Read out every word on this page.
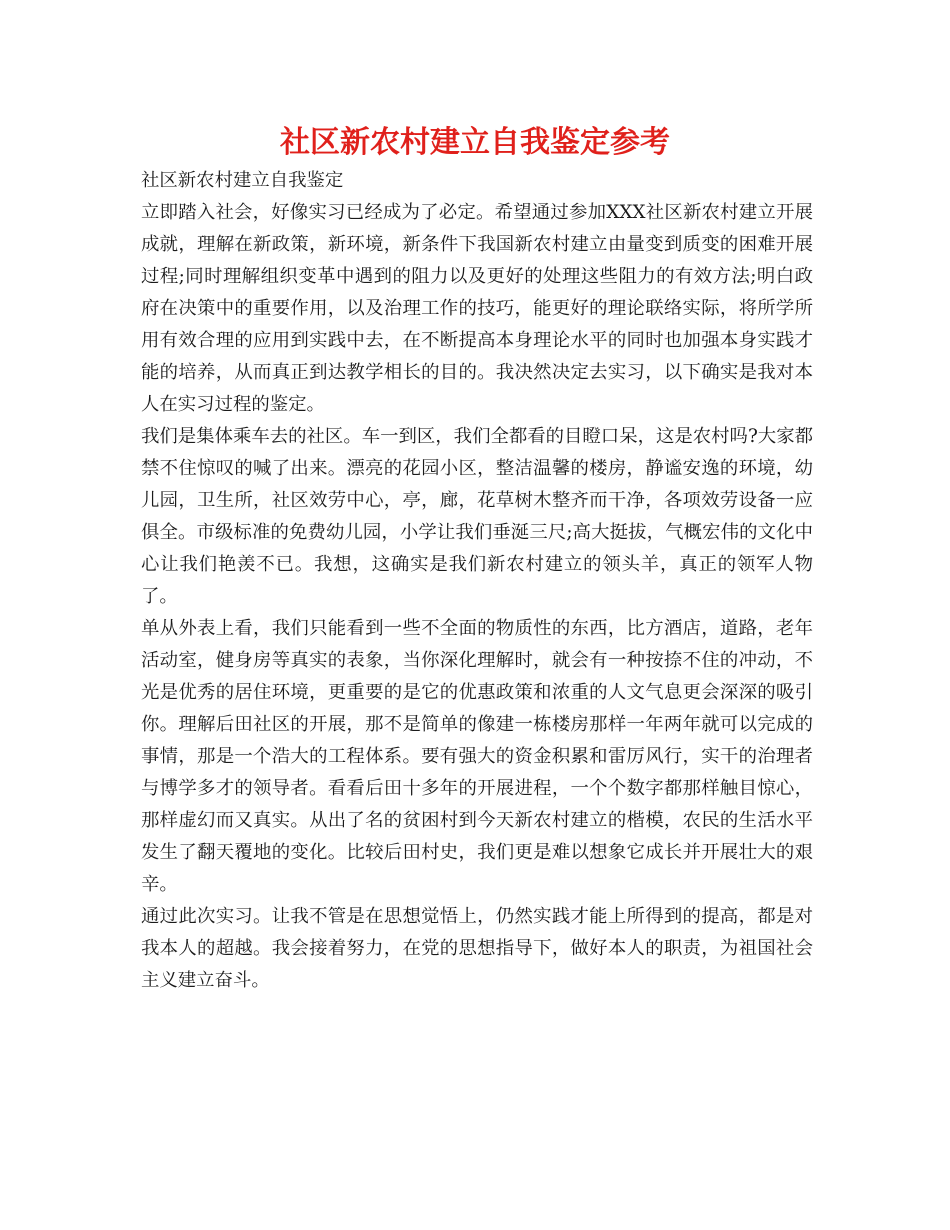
社区新农村建立自我鉴定参考

社区新农村建立自我鉴定

立即踏入社会，好像实习已经成为了必定。希望通过参加XXX社区新农村建立开展成就，理解在新政策，新环境，新条件下我国新农村建立由量变到质变的困难开展过程;同时理解组织变革中遇到的阻力以及更好的处理这些阻力的有效方法;明白政府在决策中的重要作用，以及治理工作的技巧，能更好的理论联络实际，将所学所用有效合理的应用到实践中去，在不断提高本身理论水平的同时也加强本身实践才能的培养，从而真正到达教学相长的目的。我决然决定去实习，以下确实是我对本人在实习过程的鉴定。

我们是集体乘车去的社区。车一到区，我们全都看的目瞪口呆，这是农村吗?大家都禁不住惊叹的喊了出来。漂亮的花园小区，整洁温馨的楼房，静谧安逸的环境，幼儿园，卫生所，社区效劳中心，亭，廊，花草树木整齐而干净，各项效劳设备一应俱全。市级标准的免费幼儿园，小学让我们垂涎三尺;高大挺拔，气概宏伟的文化中心让我们艳羡不已。我想，这确实是我们新农村建立的领头羊，真正的领军人物了。

单从外表上看，我们只能看到一些不全面的物质性的东西，比方酒店，道路，老年活动室，健身房等真实的表象，当你深化理解时，就会有一种按捺不住的冲动，不光是优秀的居住环境，更重要的是它的优惠政策和浓重的人文气息更会深深的吸引你。理解后田社区的开展，那不是简单的像建一栋楼房那样一年两年就可以完成的事情，那是一个浩大的工程体系。要有强大的资金积累和雷厉风行，实干的治理者与博学多才的领导者。看看后田十多年的开展进程，一个个数字都那样触目惊心，那样虚幻而又真实。从出了名的贫困村到今天新农村建立的楷模，农民的生活水平发生了翻天覆地的变化。比较后田村史，我们更是难以想象它成长并开展壮大的艰辛。

通过此次实习。让我不管是在思想觉悟上，仍然实践才能上所得到的提高，都是对我本人的超越。我会接着努力，在党的思想指导下，做好本人的职责，为祖国社会主义建立奋斗。
